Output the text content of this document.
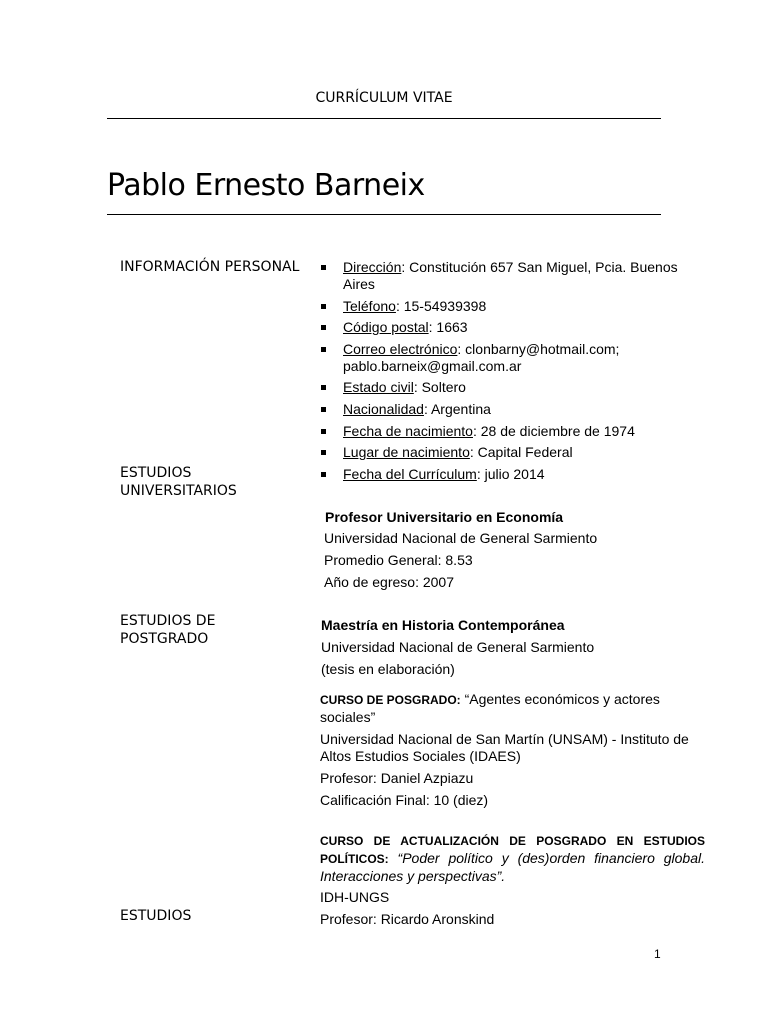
CURRÍCULUM VITAE
Pablo Ernesto Barneix
INFORMACIÓN PERSONAL
ESTUDIOS
UNIVERSITARIOS
ESTUDIOS DE
POSTGRADO
ESTUDIOS
Dirección: Constitución 657 San Miguel, Pcia. Buenos Aires
Teléfono: 15-54939398
Código postal: 1663
Correo electrónico: clonbarny@hotmail.com; pablo.barneix@gmail.com.ar
Estado civil: Soltero
Nacionalidad: Argentina
Fecha de nacimiento: 28 de diciembre de 1974
Lugar de nacimiento: Capital Federal
Fecha del Currículum: julio 2014
Profesor Universitario en Economía
Universidad Nacional de General Sarmiento
Promedio General: 8.53
Año de egreso: 2007
Maestría en Historia Contemporánea
Universidad Nacional de General Sarmiento
(tesis en elaboración)
CURSO DE POSGRADO: “Agentes económicos y actores sociales”
Universidad Nacional de San Martín (UNSAM) - Instituto de Altos Estudios Sociales (IDAES)
Profesor: Daniel Azpiazu
Calificación Final: 10 (diez)
CURSO DE ACTUALIZACIÓN DE POSGRADO EN ESTUDIOS
POLÍTICOS: “Poder político y (des)orden financiero global.
Interacciones y perspectivas”.
IDH-UNGS
Profesor: Ricardo Aronskind
1
